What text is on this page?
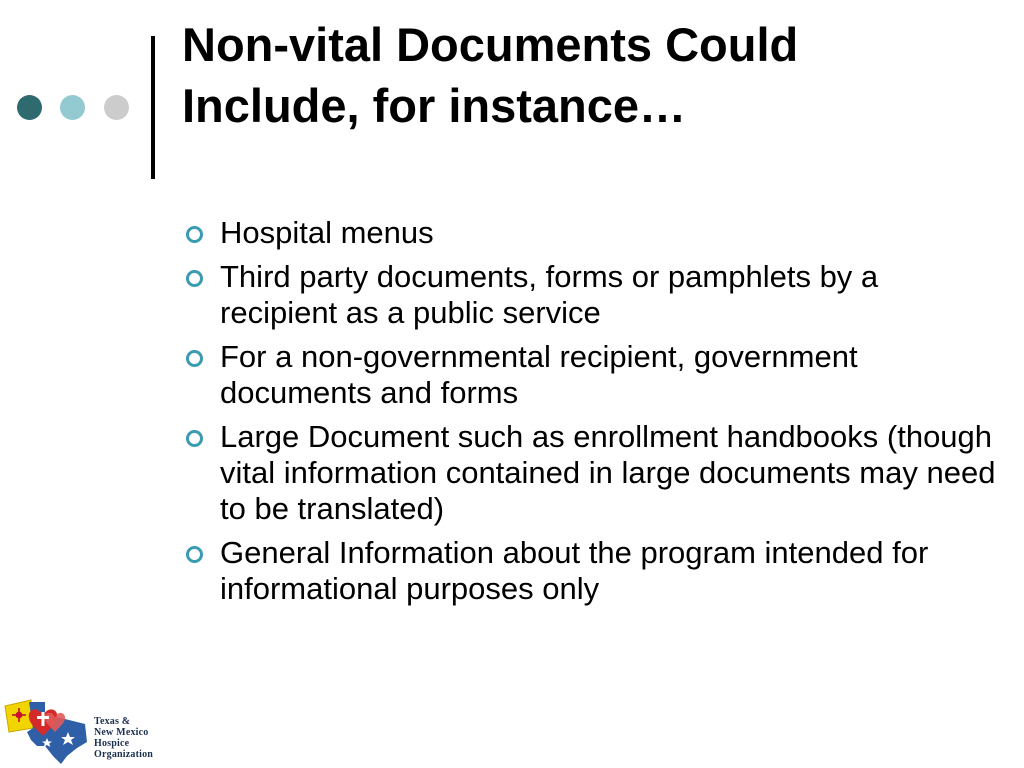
Non-vital Documents Could
Include, for instance…
Hospital menus
Third party documents, forms or pamphlets by a recipient as a public service
For a non-governmental recipient, government documents and forms
Large Document such as enrollment handbooks (though vital information contained in large documents may need to be translated)
General Information about the program intended for informational purposes only
Texas &
New Mexico
Hospice
Organization
